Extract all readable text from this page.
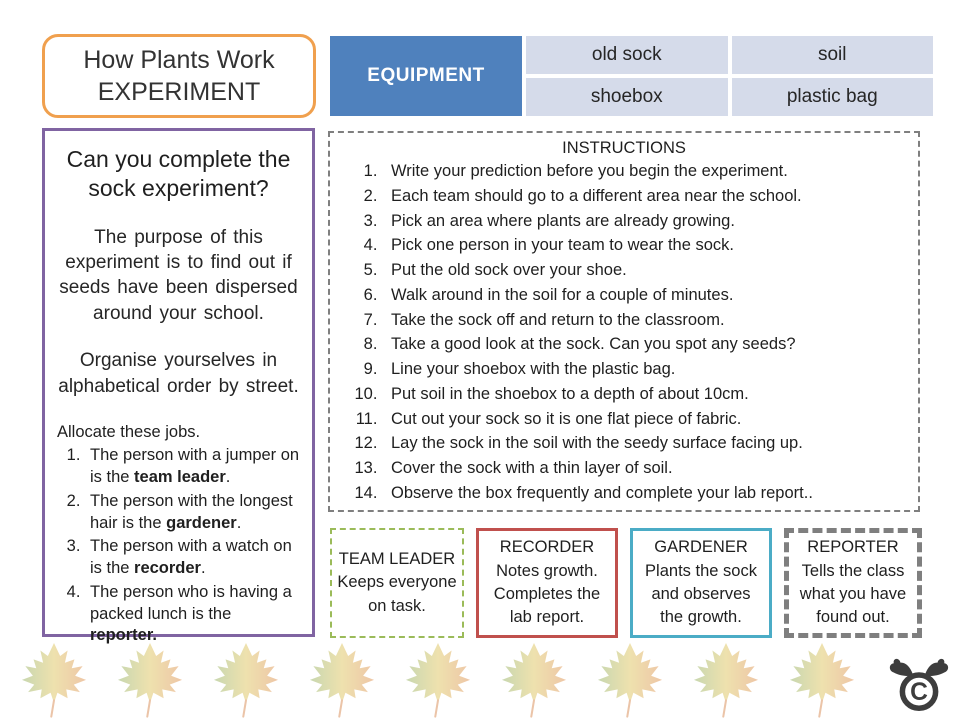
How Plants Work
EXPERIMENT
EQUIPMENT
old sock	soil
shoebox	plastic bag
Can you complete the sock experiment?

The purpose of this experiment is to find out if seeds have been dispersed around your school.

Organise yourselves in alphabetical order by street.

Allocate these jobs.

1. The person with a jumper on is the team leader.
2. The person with the longest hair is the gardener.
3. The person with a watch on is the recorder.
4. The person who is having a packed lunch is the reporter.
INSTRUCTIONS
1. Write your prediction before you begin the experiment.
2. Each team should go to a different area near the school.
3. Pick an area where plants are already growing.
4. Pick one person in your team to wear the sock.
5. Put the old sock over your shoe.
6. Walk around in the soil for a couple of minutes.
7. Take the sock off and return to the classroom.
8. Take a good look at the sock. Can you spot any seeds?
9. Line your shoebox with the plastic bag.
10. Put soil in the shoebox to a depth of about 10cm.
11. Cut out your sock so it is one flat piece of fabric.
12. Lay the sock in the soil with the seedy surface facing up.
13. Cover the sock with a thin layer of soil.
14. Observe the box frequently and complete your lab report..
TEAM LEADER
Keeps everyone on task.
RECORDER
Notes growth. Completes the lab report.
GARDENER
Plants the sock and observes the growth.
REPORTER
Tells the class what you have found out.
C
